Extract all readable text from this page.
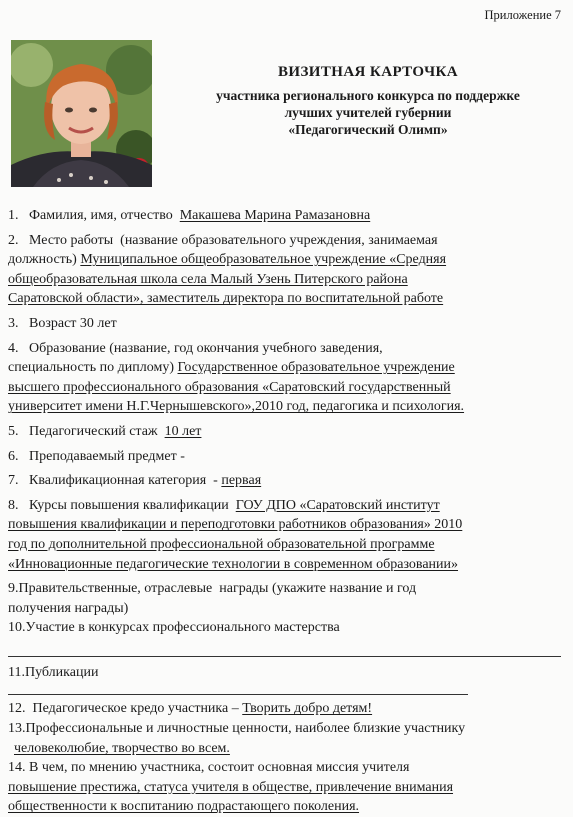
Приложение 7
ВИЗИТНАЯ КАРТОЧКА
участника регионального конкурса по поддержке
лучших учителей губернии
«Педагогический Олимп»

1.   Фамилия, имя, отчество Макашева Марина Рамазановна

2.   Место работы  (название образовательного учреждения, занимаемая
должность) Муниципальное общеобразовательное учреждение «Средняя
общеобразовательная школа села Малый Узень Питерского района
Саратовской области», заместитель директора по воспитательной работе

3.   Возраст 30 лет

4.   Образование (название, год окончания учебного заведения,
специальность по диплому) Государственное образовательное учреждение
высшего профессионального образования «Саратовский государственный
университет имени Н.Г.Чернышевского»,2010 год, педагогика и психология.

5.   Педагогический стаж 10 лет

6.   Преподаваемый предмет -

7.   Квалификационная категория  - первая

8.   Курсы повышения квалификации ГОУ ДПО «Саратовский институт
повышения квалификации и переподготовки работников образования» 2010
год по дополнительной профессиональной образовательной программе
«Инновационные педагогические технологии в современном образовании»

9.Правительственные, отраслевые  награды (укажите название и год
получения награды)

10.Участие в конкурсах профессионального мастерства

11.Публикации

12.  Педагогическое кредо участника – Творить добро детям!

13.Профессиональные и личностные ценности, наиболее близкие участнику
человеколюбие, творчество во всем.

14. В чем, по мнению участника, состоит основная миссия учителя
повышение престижа, статуса учителя в обществе, привлечение внимания
общественности к воспитанию подрастающего поколения.
